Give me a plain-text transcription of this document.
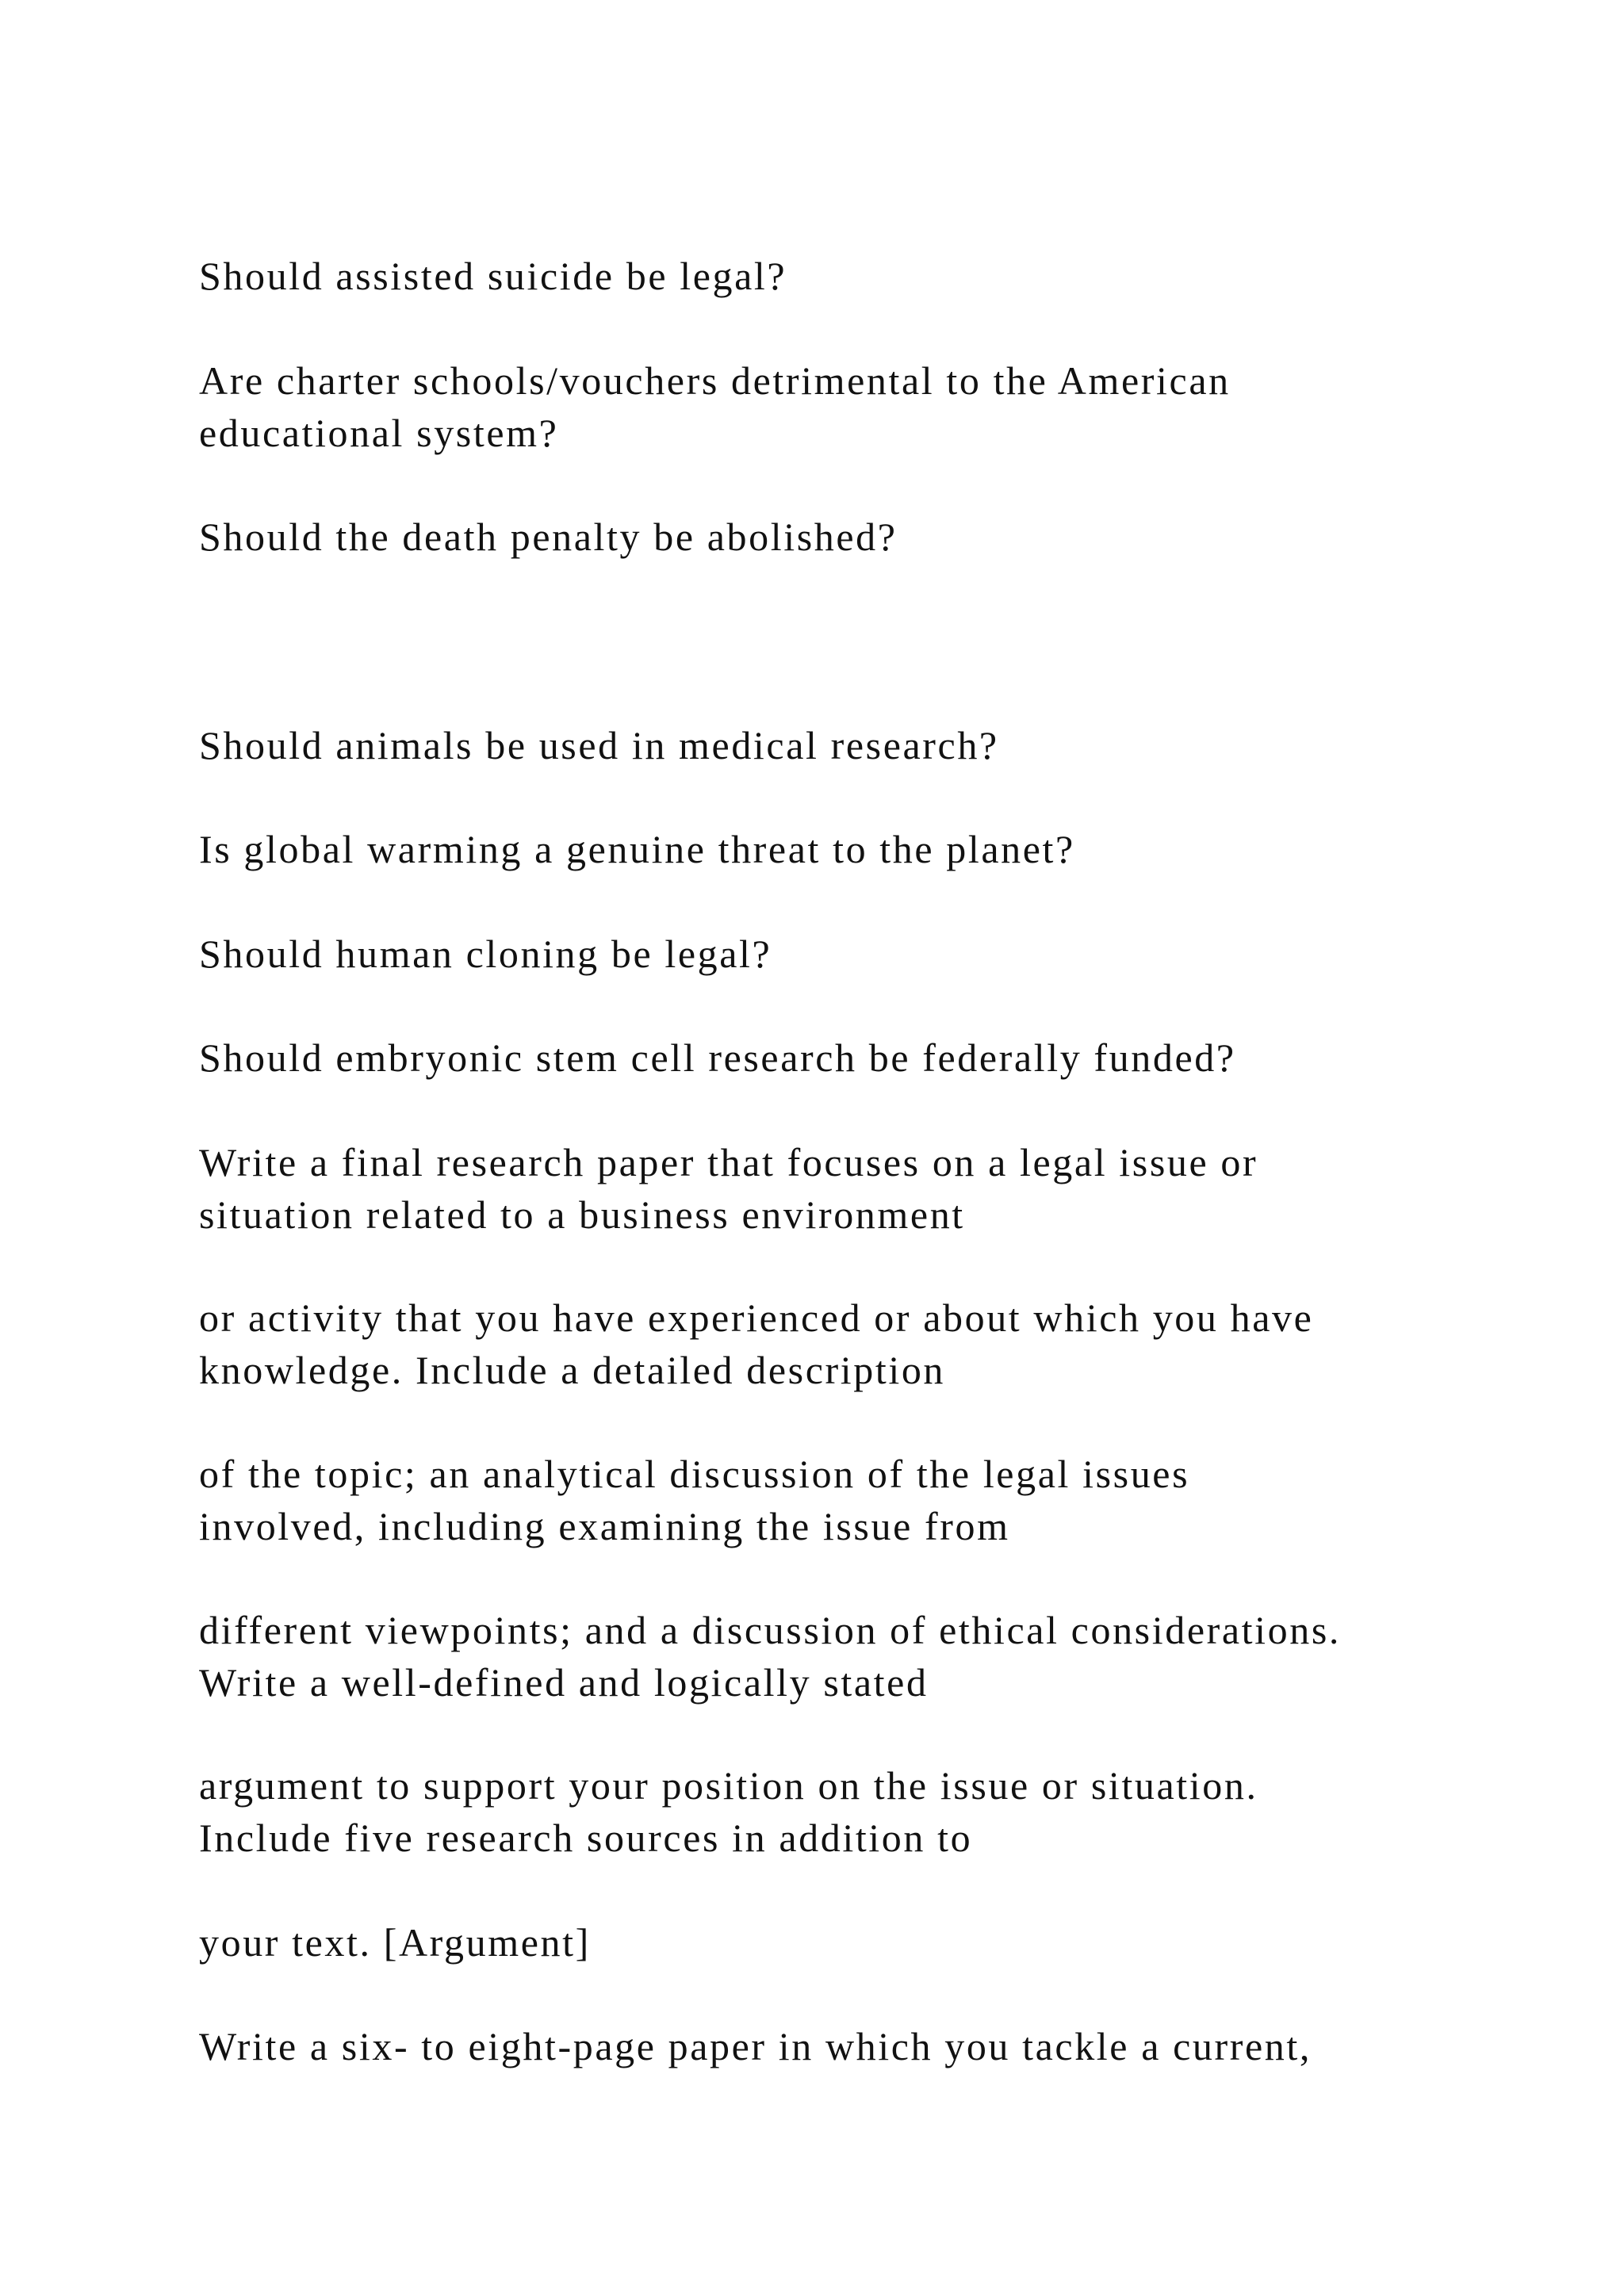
Should assisted suicide be legal?

Are charter schools/vouchers detrimental to the American
educational system?

Should the death penalty be abolished?

Should animals be used in medical research?

Is global warming a genuine threat to the planet?

Should human cloning be legal?

Should embryonic stem cell research be federally funded?

Write a final research paper that focuses on a legal issue or
situation related to a business environment

or activity that you have experienced or about which you have
knowledge. Include a detailed description

of the topic; an analytical discussion of the legal issues
involved, including examining the issue from

different viewpoints; and a discussion of ethical considerations.
Write a well-defined and logically stated

argument to support your position on the issue or situation.
Include five research sources in addition to

your text. [Argument]

Write a six- to eight-page paper in which you tackle a current,
